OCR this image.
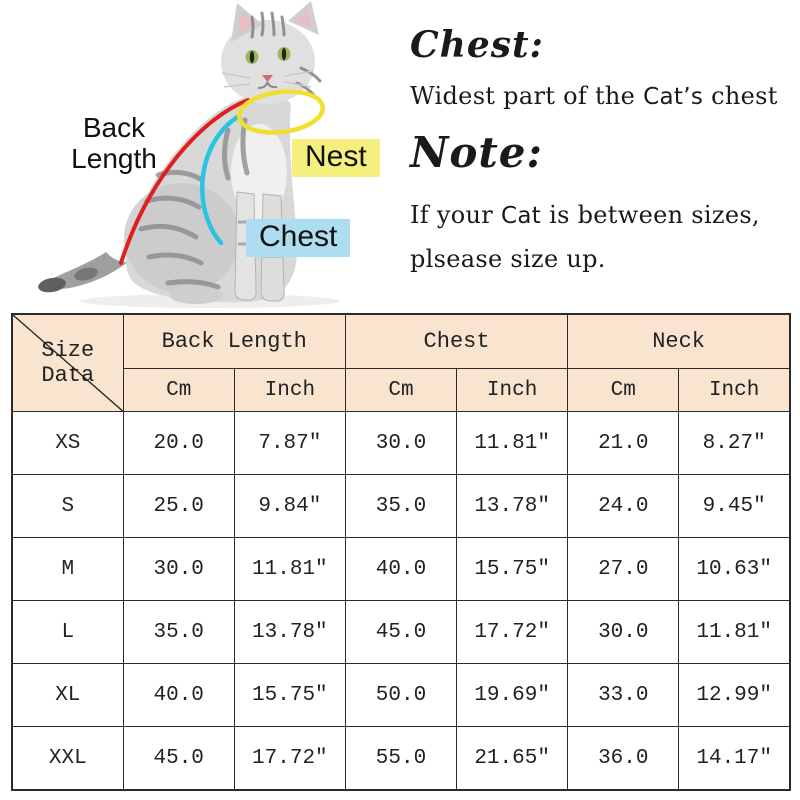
Back Length	Nest
Chest

Chest:

Widest part of the Cat’s chest

Note:

If your Cat is between sizes,

plsease size up.

Size Data	Back Length		Chest		Neck	
	Cm	Inch	Cm	Inch	Cm	Inch
XS	20.0	7.87″	30.0	11.81″	21.0	8.27″
S	25.0	9.84″	35.0	13.78″	24.0	9.45″
M	30.0	11.81″	40.0	15.75″	27.0	10.63″
L	35.0	13.78″	45.0	17.72″	30.0	11.81″
XL	40.0	15.75″	50.0	19.69″	33.0	12.99″
XXL	45.0	17.72″	55.0	21.65″	36.0	14.17″
